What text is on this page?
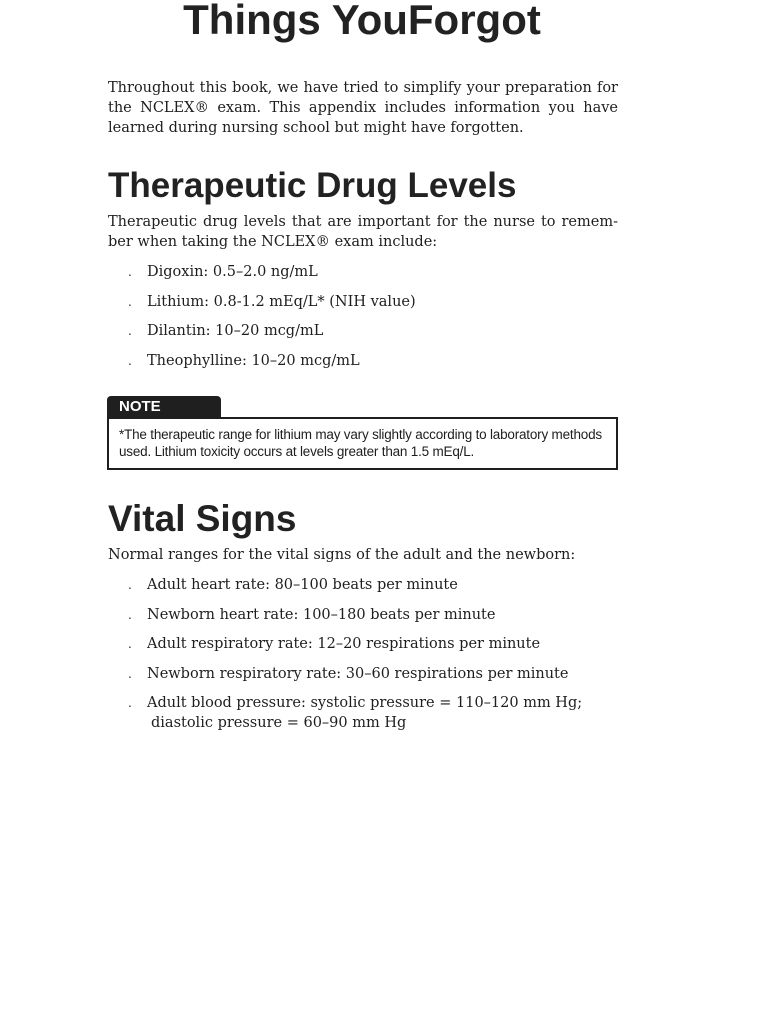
Things YouForgot

Throughout this book, we have tried to simplify your preparation for the NCLEX® exam. This appendix includes information you have learned during nursing school but might have forgotten.

Therapeutic Drug Levels

Therapeutic drug levels that are important for the nurse to remem- ber when taking the NCLEX® exam include:

. Digoxin: 0.5–2.0 ng/mL
. Lithium: 0.8-1.2 mEq/L* (NIH value)
. Dilantin: 10–20 mcg/mL
. Theophylline: 10–20 mcg/mL
NOTE
*The therapeutic range for lithium may vary slightly according to laboratory methods used. Lithium toxicity occurs at levels greater than 1.5 mEq/L.
Vital Signs

Normal ranges for the vital signs of the adult and the newborn:

. Adult heart rate: 80–100 beats per minute
. Newborn heart rate: 100–180 beats per minute
. Adult respiratory rate: 12–20 respirations per minute
. Newborn respiratory rate: 30–60 respirations per minute
. Adult blood pressure: systolic pressure = 110–120 mm Hg;
diastolic pressure = 60–90 mm Hg
